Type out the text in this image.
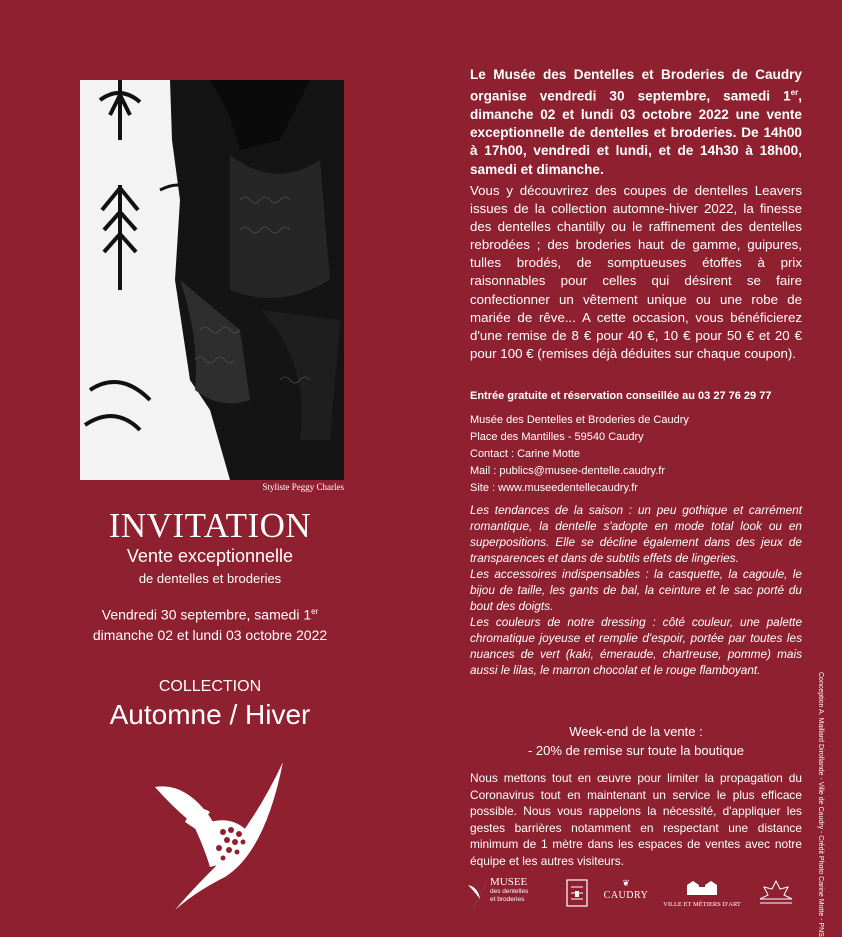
Styliste Peggy Charles
INVITATION
Vente exceptionnelle
de dentelles et broderies
Vendredi 30 septembre, samedi 1er
dimanche 02 et lundi 03 octobre 2022
COLLECTION
Automne / Hiver
Le Musée des Dentelles et Broderies de Caudry organise vendredi 30 septembre, samedi 1er, dimanche 02 et lundi 03 octobre 2022 une vente exceptionnelle de dentelles et broderies. De 14h00 à 17h00, vendredi et lundi, et de 14h30 à 18h00, samedi et dimanche.
Vous y découvrirez des coupes de dentelles Leavers issues de la collection automne-hiver 2022, la finesse des dentelles chantilly ou le raffinement des dentelles rebrodées ; des broderies haut de gamme, guipures, tulles brodés, de somptueuses étoffes à prix raisonnables pour celles qui désirent se faire confectionner un vêtement unique ou une robe de mariée de rêve... A cette occasion, vous bénéficierez d'une remise de 8 € pour 40 €, 10 € pour 50 € et 20 € pour 100 € (remises déjà déduites sur chaque coupon).
Entrée gratuite et réservation conseillée au 03 27 76 29 77
Musée des Dentelles et Broderies de Caudry
Place des Mantilles - 59540 Caudry
Contact : Carine Motte
Mail : publics@musee-dentelle.caudry.fr
Site : www.museedentellecaudry.fr
Les tendances de la saison : un peu gothique et carrément romantique, la dentelle s'adopte en mode total look ou en superpositions. Elle se décline également dans des jeux de transparences et dans de subtils effets de lingeries.
Les accessoires indispensables : la casquette, la cagoule, le bijou de taille, les gants de bal, la ceinture et le sac porté du bout des doigts.
Les couleurs de notre dressing : côté couleur, une palette chromatique joyeuse et remplie d'espoir, portée par toutes les nuances de vert (kaki, émeraude, chartreuse, pomme) mais aussi le lilas, le marron chocolat et le rouge flamboyant.
Week-end de la vente :
- 20% de remise sur toute la boutique
Nous mettons tout en œuvre pour limiter la propagation du Coronavirus tout en maintenant un service le plus efficace possible. Nous vous rappelons la nécessité, d'appliquer les gestes barrières notamment en respectant une distance minimum de 1 mètre dans les espaces de ventes avec notre équipe et les autres visiteurs.	Conception A. Maillard Dirollande - Ville de Caudry - Crédit Photo Carine Motte - PNS
MUSEE
des dentelles
et broderies
❦
CAUDRY
VILLE ET MÉTIERS D'ART
